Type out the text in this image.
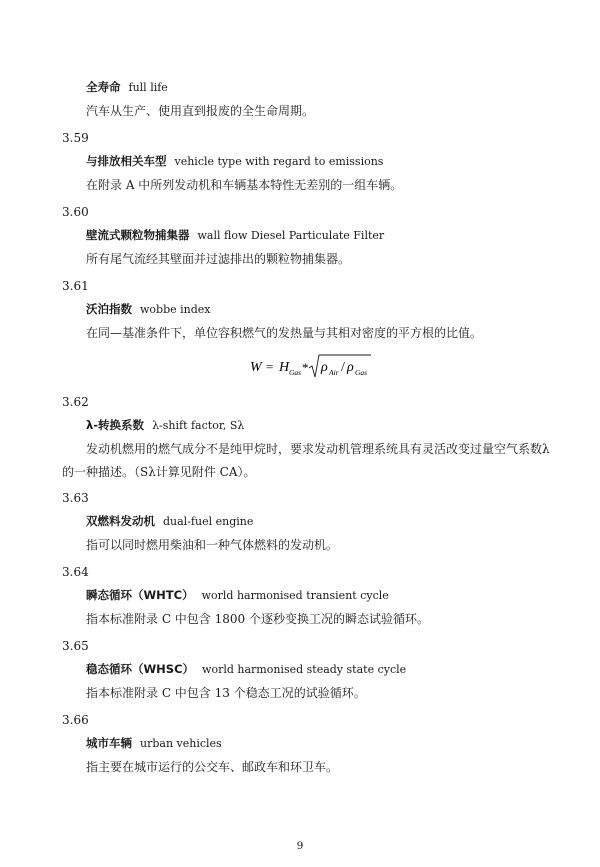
全寿命 full life
汽车从生产、使用直到报废的全生命周期。
3.59
与排放相关车型 vehicle type with regard to emissions
在附录 A 中所列发动机和车辆基本特性无差别的一组车辆。
3.60
壁流式颗粒物捕集器 wall flow Diesel Particulate Filter
所有尾气流经其壁面并过滤排出的颗粒物捕集器。
3.61
沃泊指数 wobbe index
在同—基准条件下，单位容积燃气的发热量与其相对密度的平方根的比值。
W = H Gas * ρ Air / ρ Gas
3.62
λ-转换系数 λ-shift factor, Sλ
发动机燃用的燃气成分不是纯甲烷时，要求发动机管理系统具有灵活改变过量空气系数λ的一种描述。（Sλ计算见附件 CA）。
3.63
双燃料发动机 dual-fuel engine
指可以同时燃用柴油和一种气体燃料的发动机。
3.64
瞬态循环（WHTC） world harmonised transient cycle
指本标准附录 C 中包含 1800 个逐秒变换工况的瞬态试验循环。
3.65
稳态循环（WHSC） world harmonised steady state cycle
指本标准附录 C 中包含 13 个稳态工况的试验循环。
3.66
城市车辆 urban vehicles
指主要在城市运行的公交车、邮政车和环卫车。
9
